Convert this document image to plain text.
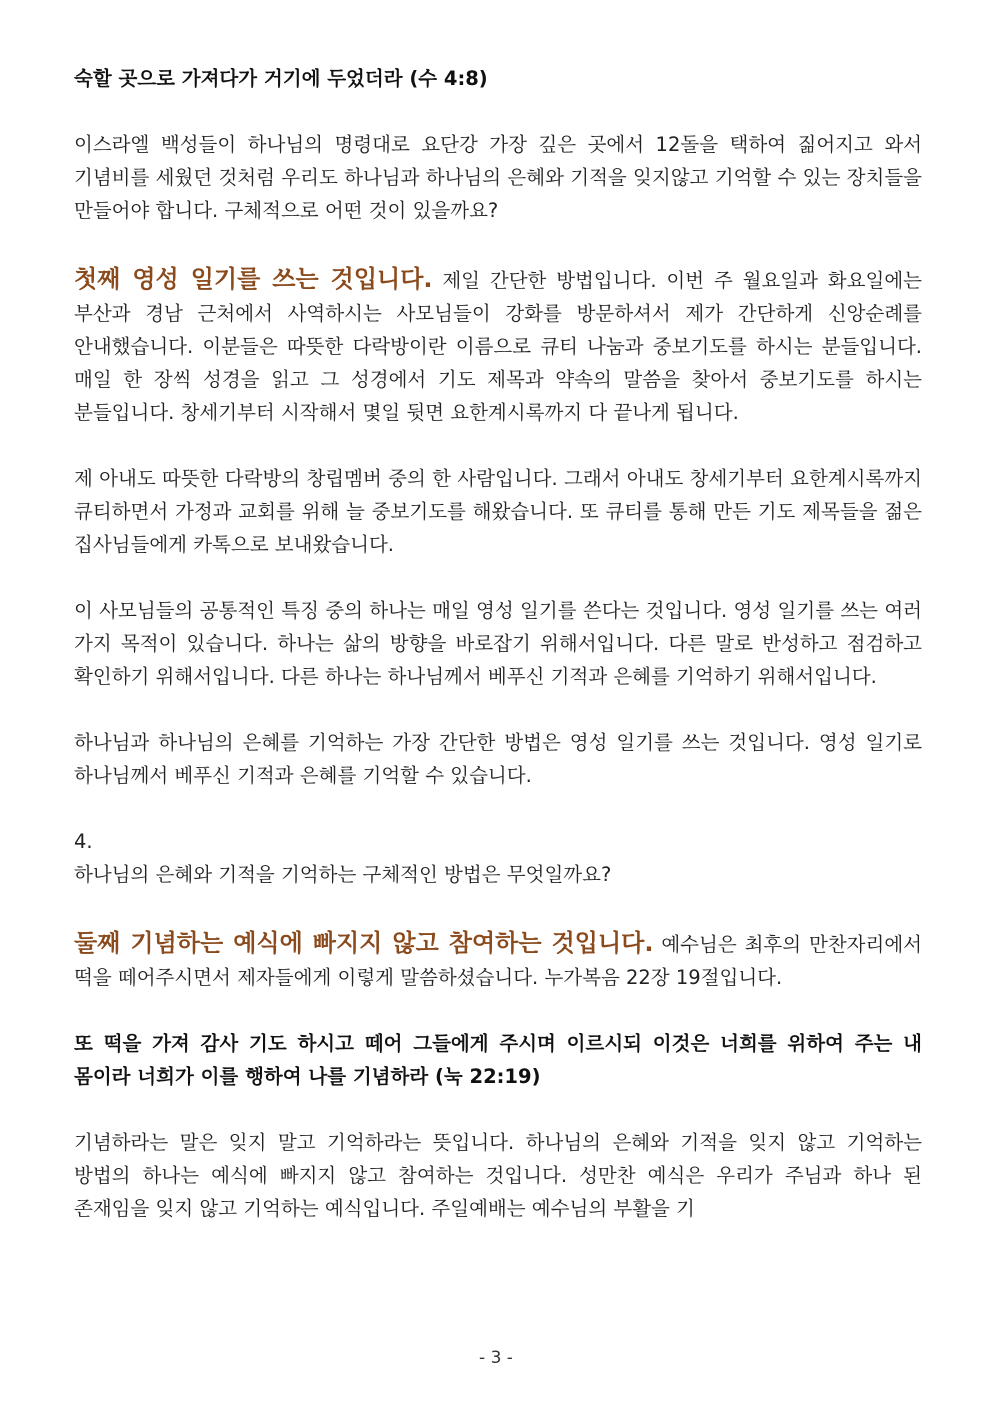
숙할 곳으로 가져다가 거기에 두었더라 (수 4:8)

이스라엘 백성들이 하나님의 명령대로 요단강 가장 깊은 곳에서 12돌을 택하여 짊어지고 와서 기념비를 세웠던 것처럼 우리도 하나님과 하나님의 은혜와 기적을 잊지않고 기억할 수 있는 장치들을 만들어야 합니다. 구체적으로 어떤 것이 있을까요?

첫째 영성 일기를 쓰는 것입니다. 제일 간단한 방법입니다. 이번 주 월요일과 화요일에는 부산과 경남 근처에서 사역하시는 사모님들이 강화를 방문하셔서 제가 간단하게 신앙순례를 안내했습니다. 이분들은 따뜻한 다락방이란 이름으로 큐티 나눔과 중보기도를 하시는 분들입니다. 매일 한 장씩 성경을 읽고 그 성경에서 기도 제목과 약속의 말씀을 찾아서 중보기도를 하시는 분들입니다. 창세기부터 시작해서 몇일 뒷면 요한계시록까지 다 끝나게 됩니다.

제 아내도 따뜻한 다락방의 창립멤버 중의 한 사람입니다. 그래서 아내도 창세기부터 요한계시록까지 큐티하면서 가정과 교회를 위해 늘 중보기도를 해왔습니다. 또 큐티를 통해 만든 기도 제목들을 젊은 집사님들에게 카톡으로 보내왔습니다.

이 사모님들의 공통적인 특징 중의 하나는 매일 영성 일기를 쓴다는 것입니다. 영성 일기를 쓰는 여러 가지 목적이 있습니다. 하나는 삶의 방향을 바로잡기 위해서입니다. 다른 말로 반성하고 점검하고 확인하기 위해서입니다. 다른 하나는 하나님께서 베푸신 기적과 은혜를 기억하기 위해서입니다.

하나님과 하나님의 은혜를 기억하는 가장 간단한 방법은 영성 일기를 쓰는 것입니다. 영성 일기로 하나님께서 베푸신 기적과 은혜를 기억할 수 있습니다.

4.

하나님의 은혜와 기적을 기억하는 구체적인 방법은 무엇일까요?

둘째 기념하는 예식에 빠지지 않고 참여하는 것입니다. 예수님은 최후의 만찬자리에서 떡을 떼어주시면서 제자들에게 이렇게 말씀하셨습니다. 누가복음 22장 19절입니다.

또 떡을 가져 감사 기도 하시고 떼어 그들에게 주시며 이르시되 이것은 너희를 위하여 주는 내 몸이라 너희가 이를 행하여 나를 기념하라 (눅 22:19)

기념하라는 말은 잊지 말고 기억하라는 뜻입니다. 하나님의 은혜와 기적을 잊지 않고 기억하는 방법의 하나는 예식에 빠지지 않고 참여하는 것입니다. 성만찬 예식은 우리가 주님과 하나 된 존재임을 잊지 않고 기억하는 예식입니다. 주일예배는 예수님의 부활을 기

- 3 -
